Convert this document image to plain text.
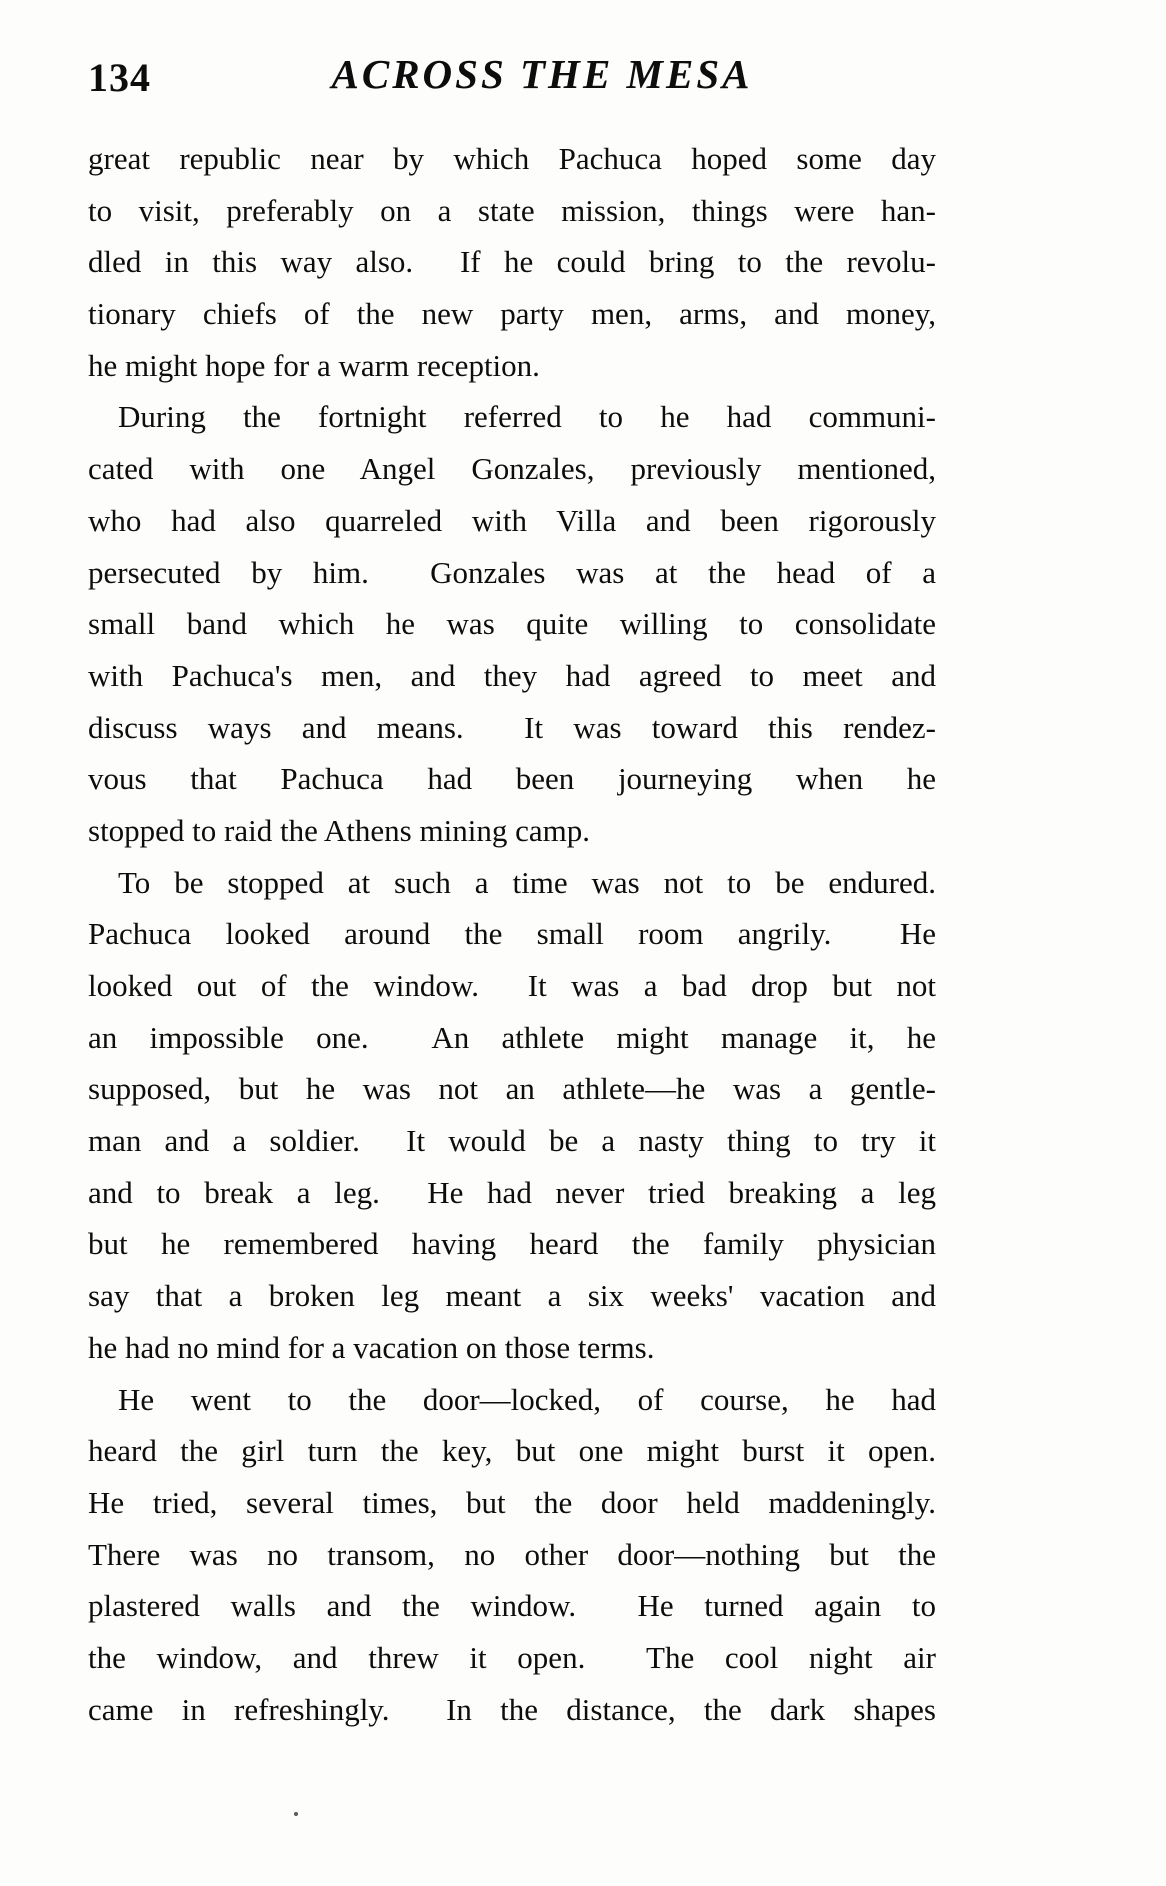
134	ACROSS THE MESA
great republic near by which Pachuca hoped some day
to visit, preferably on a state mission, things were han-
dled in this way also.  If he could bring to the revolu-
tionary chiefs of the new party men, arms, and money,
he might hope for a warm reception.
During the fortnight referred to he had communi-
cated with one Angel Gonzales, previously mentioned,
who had also quarreled with Villa and been rigorously
persecuted by him.  Gonzales was at the head of a
small band which he was quite willing to consolidate
with Pachuca's men, and they had agreed to meet and
discuss ways and means.  It was toward this rendez-
vous that Pachuca had been journeying when he
stopped to raid the Athens mining camp.
To be stopped at such a time was not to be endured.
Pachuca looked around the small room angrily.  He
looked out of the window.  It was a bad drop but not
an impossible one.  An athlete might manage it, he
supposed, but he was not an athlete—he was a gentle-
man and a soldier.  It would be a nasty thing to try it
and to break a leg.  He had never tried breaking a leg
but he remembered having heard the family physician
say that a broken leg meant a six weeks' vacation and
he had no mind for a vacation on those terms.
He went to the door—locked, of course, he had
heard the girl turn the key, but one might burst it open.
He tried, several times, but the door held maddeningly.
There was no transom, no other door—nothing but the
plastered walls and the window.  He turned again to
the window, and threw it open.  The cool night air
came in refreshingly.  In the distance, the dark shapes
